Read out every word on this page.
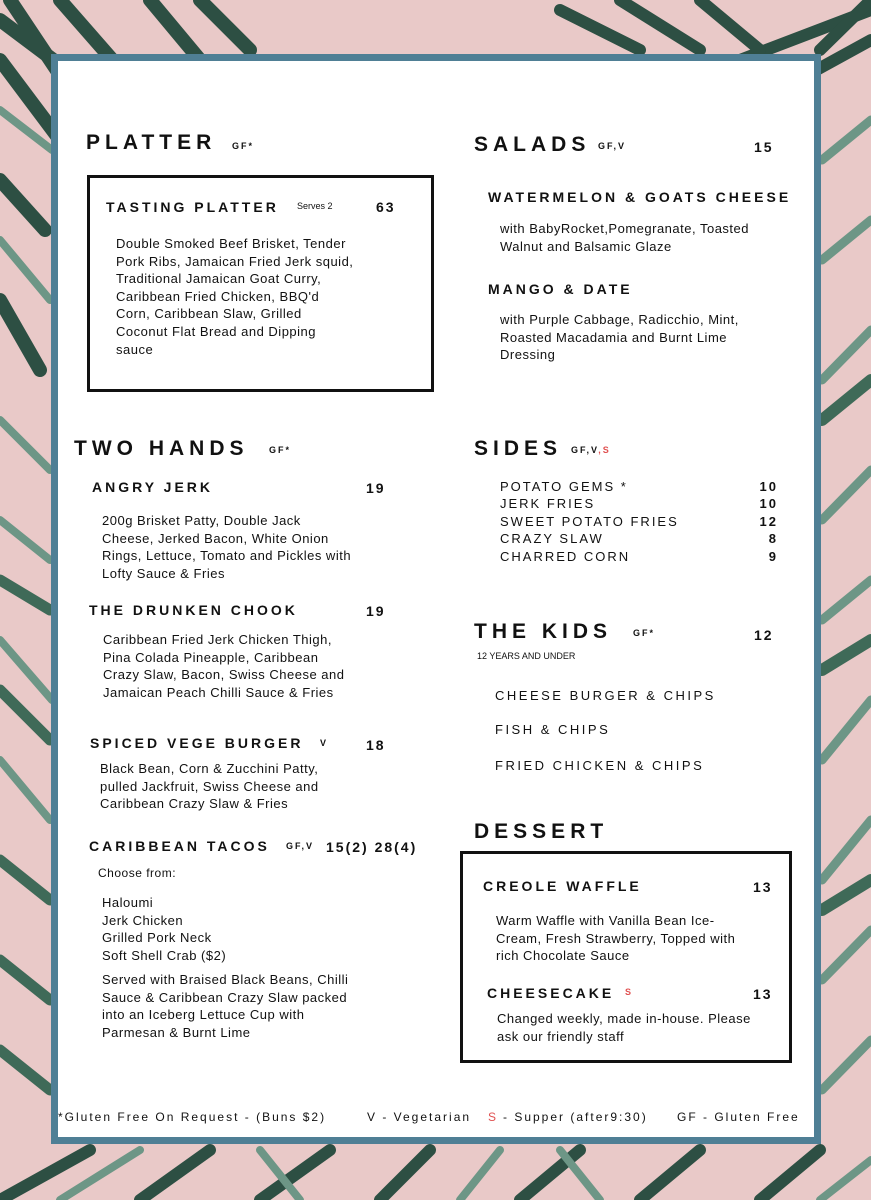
PLATTER GF*
TASTING PLATTER Serves 2	63
Double Smoked Beef Brisket, Tender Pork Ribs, Jamaican Fried Jerk squid, Traditional Jamaican Goat Curry, Caribbean Fried Chicken, BBQ'd Corn, Caribbean Slaw, Grilled Coconut Flat Bread and Dipping sauce
SALADS GF,V	15
WATERMELON & GOATS CHEESE
with BabyRocket,Pomegranate, Toasted Walnut and Balsamic Glaze
MANGO & DATE
with Purple Cabbage, Radicchio, Mint, Roasted Macadamia and Burnt Lime Dressing
TWO HANDS GF*
ANGRY JERK	19
200g Brisket Patty, Double Jack Cheese, Jerked Bacon, White Onion Rings, Lettuce, Tomato and Pickles with Lofty Sauce & Fries
THE DRUNKEN CHOOK	19
Caribbean Fried Jerk Chicken Thigh, Pina Colada Pineapple, Caribbean Crazy Slaw, Bacon, Swiss Cheese and Jamaican Peach Chilli Sauce & Fries
SPICED VEGE BURGER V	18
Black Bean, Corn & Zucchini Patty, pulled Jackfruit, Swiss Cheese and Caribbean Crazy Slaw & Fries
CARIBBEAN TACOS GF,V 15(2) 28(4)
Choose from:
Haloumi
Jerk Chicken
Grilled Pork Neck
Soft Shell Crab ($2)
Served with Braised Black Beans, Chilli Sauce & Caribbean Crazy Slaw packed into an Iceberg Lettuce Cup with Parmesan & Burnt Lime
SIDES GF,V,S
POTATO GEMS *	10
JERK FRIES	10
SWEET POTATO FRIES	12
CRAZY SLAW	8
CHARRED CORN	9
THE KIDS GF*	12
12 YEARS AND UNDER
CHEESE BURGER & CHIPS
FISH & CHIPS
FRIED CHICKEN & CHIPS
DESSERT
CREOLE WAFFLE	13
Warm Waffle with Vanilla Bean Ice-Cream, Fresh Strawberry, Topped with rich Chocolate Sauce
CHEESECAKE S	13
Changed weekly, made in-house. Please ask our friendly staff
*Gluten Free On Request - (Buns $2)	V - Vegetarian S - Supper (after9:30) GF - Gluten Free
